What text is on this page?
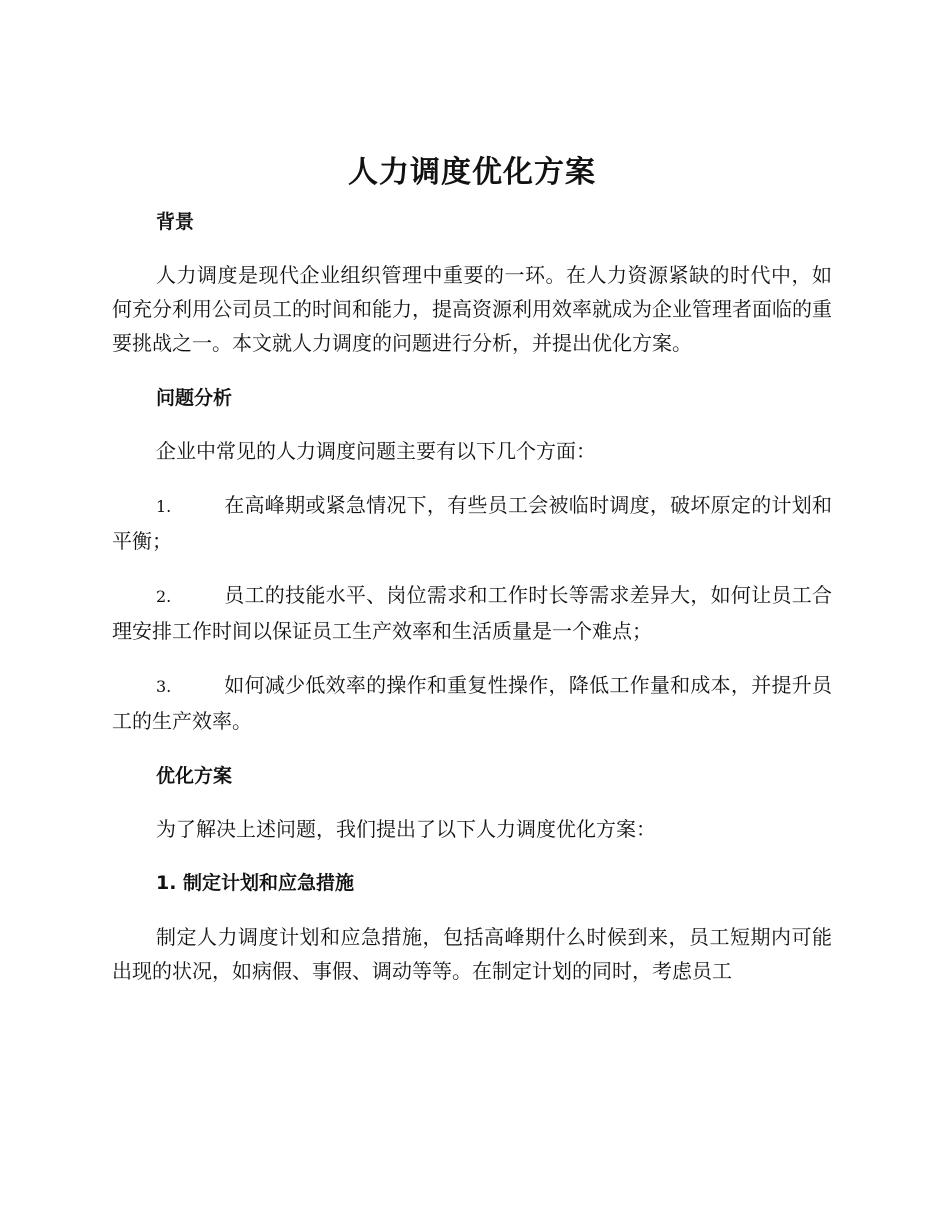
人力调度优化方案
背景

人力调度是现代企业组织管理中重要的一环。在人力资源紧缺的时代中，如何充分利用公司员工的时间和能力，提高资源利用效率就成为企业管理者面临的重要挑战之一。本文就人力调度的问题进行分析，并提出优化方案。

问题分析

企业中常见的人力调度问题主要有以下几个方面：

1.	在高峰期或紧急情况下，有些员工会被临时调度，破坏原定的计划和平衡；

2.	员工的技能水平、岗位需求和工作时长等需求差异大，如何让员工合理安排工作时间以保证员工生产效率和生活质量是一个难点；

3.	如何减少低效率的操作和重复性操作，降低工作量和成本，并提升员工的生产效率。

优化方案

为了解决上述问题，我们提出了以下人力调度优化方案：

1. 制定计划和应急措施

制定人力调度计划和应急措施，包括高峰期什么时候到来，员工短期内可能出现的状况，如病假、事假、调动等等。在制定计划的同时，考虑员工
